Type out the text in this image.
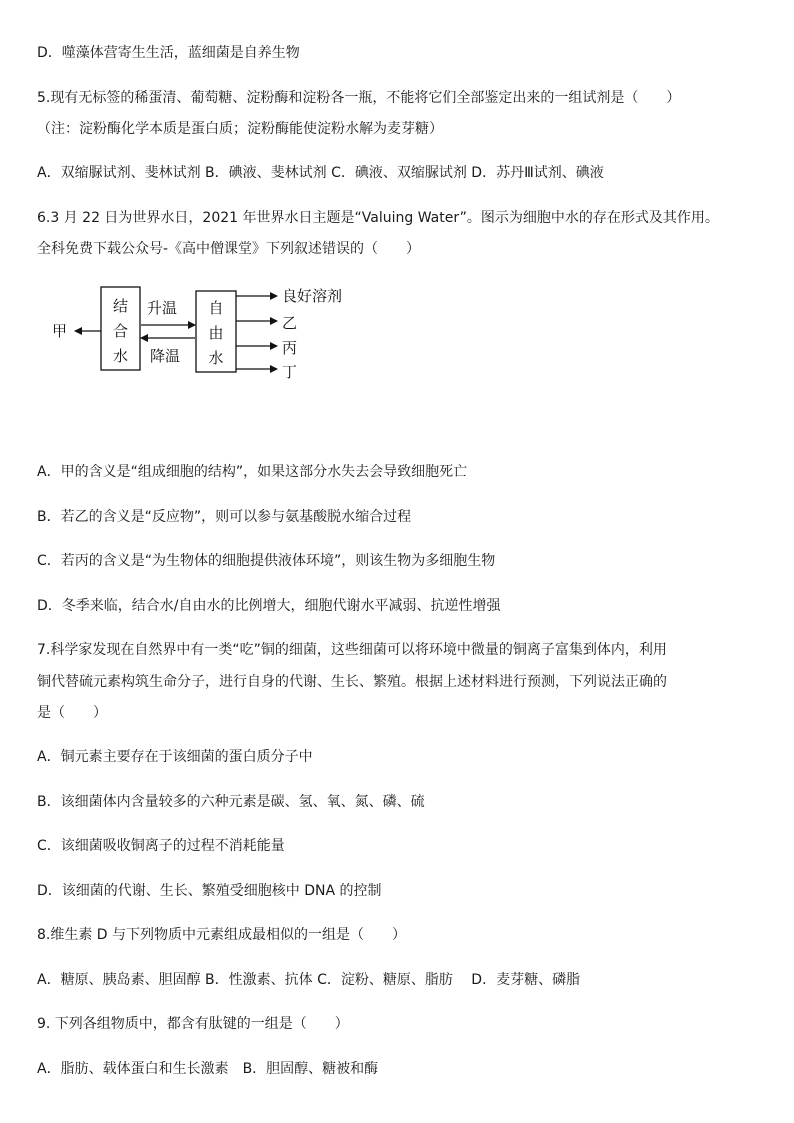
D．噬藻体营寄生生活，蓝细菌是自养生物
5.现有无标签的稀蛋清、葡萄糖、淀粉酶和淀粉各一瓶，不能将它们全部鉴定出来的一组试剂是（　　）
（注：淀粉酶化学本质是蛋白质；淀粉酶能使淀粉水解为麦芽糖）
A．双缩脲试剂、斐林试剂 B．碘液、斐林试剂 C．碘液、双缩脲试剂 D．苏丹Ⅲ试剂、碘液
6.3 月 22 日为世界水日，2021 年世界水日主题是“Valuing Water”。图示为细胞中水的存在形式及其作用。
全科免费下载公众号-《高中僧课堂》下列叙述错误的（　　）
结
合
水
自
由
水
甲
升温
降温
良好溶剂
乙
丙
丁
A．甲的含义是“组成细胞的结构”，如果这部分水失去会导致细胞死亡
B．若乙的含义是“反应物”，则可以参与氨基酸脱水缩合过程
C．若丙的含义是“为生物体的细胞提供液体环境”，则该生物为多细胞生物
D．冬季来临，结合水/自由水的比例增大，细胞代谢水平减弱、抗逆性增强
7.科学家发现在自然界中有一类“吃”铜的细菌，这些细菌可以将环境中微量的铜离子富集到体内，利用
铜代替硫元素构筑生命分子，进行自身的代谢、生长、繁殖。根据上述材料进行预测，下列说法正确的
是（　　）
A．铜元素主要存在于该细菌的蛋白质分子中
B．该细菌体内含量较多的六种元素是碳、氢、氧、氮、磷、硫
C．该细菌吸收铜离子的过程不消耗能量
D．该细菌的代谢、生长、繁殖受细胞核中 DNA 的控制
8.维生素 D 与下列物质中元素组成最相似的一组是（　　）
A．糖原、胰岛素、胆固醇 B．性激素、抗体 C．淀粉、糖原、脂肪　 D．麦芽糖、磷脂
9. 下列各组物质中，都含有肽键的一组是（　　）
A．脂肪、载体蛋白和生长激素　B．胆固醇、糖被和酶
